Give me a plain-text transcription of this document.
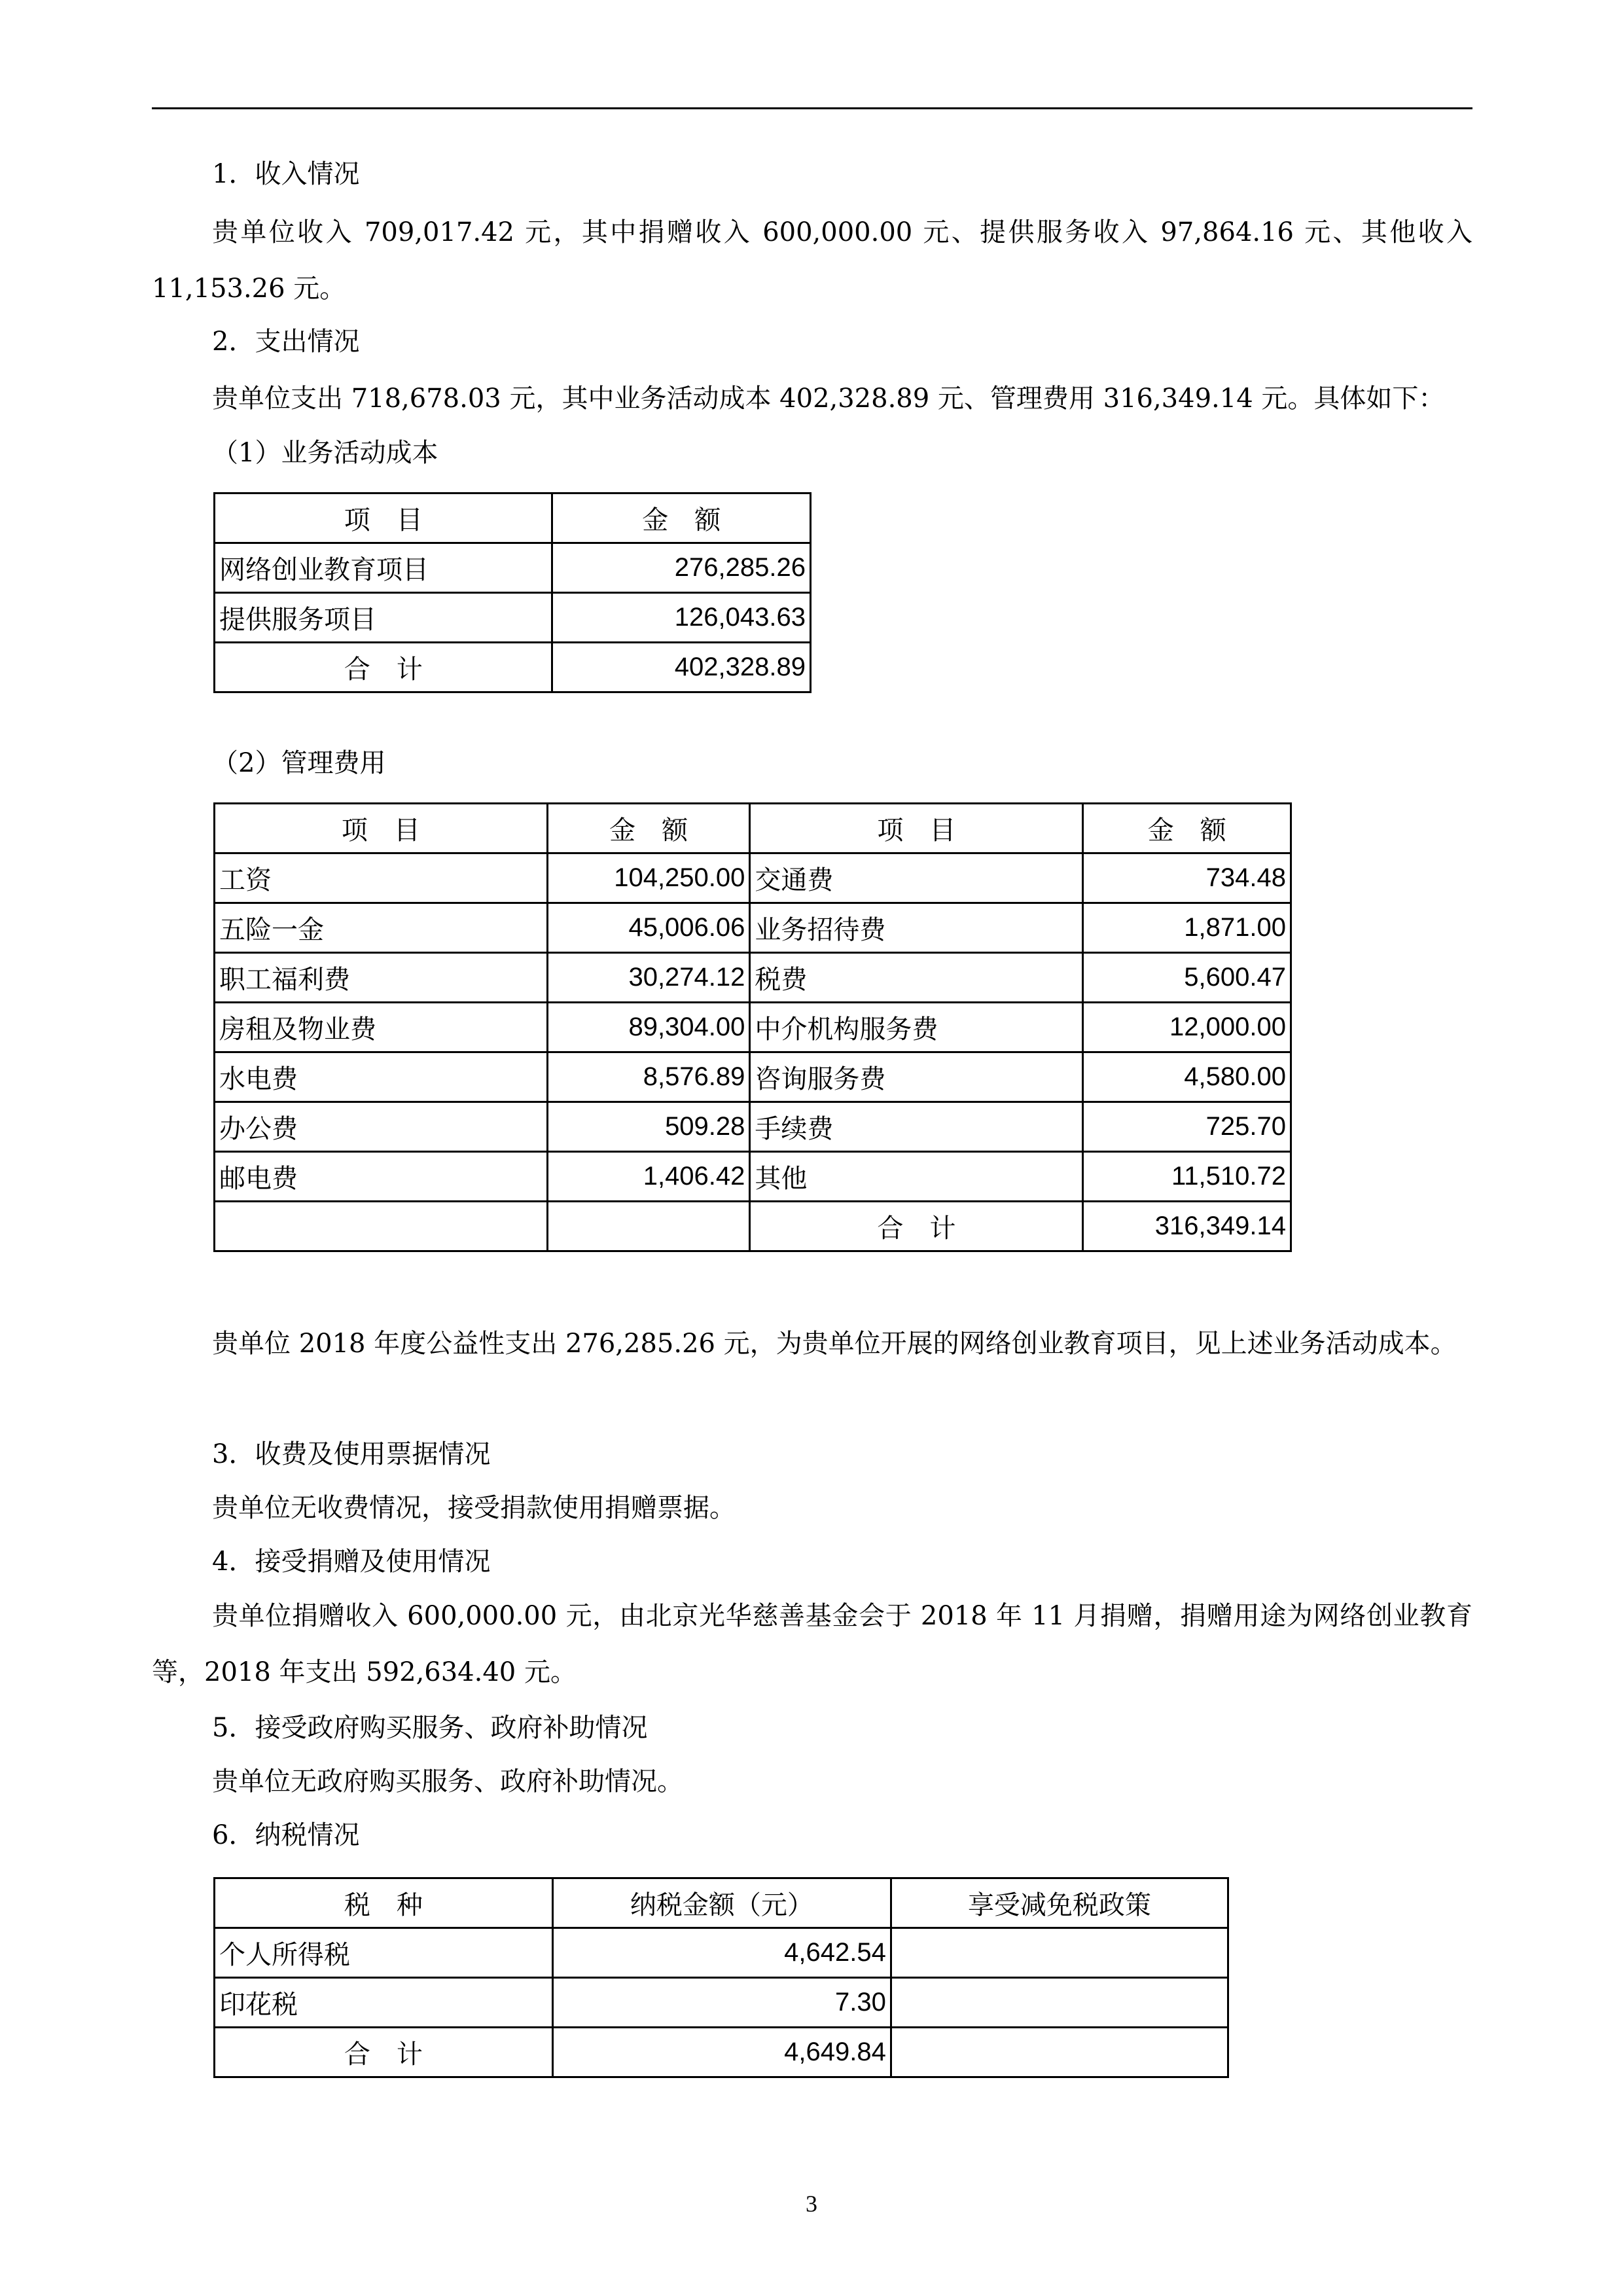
1．收入情况
贵单位收入 709,017.42 元，其中捐赠收入 600,000.00 元、提供服务收入 97,864.16 元、其他收入 11,153.26 元。
2．支出情况
贵单位支出 718,678.03 元，其中业务活动成本 402,328.89 元、管理费用 316,349.14 元。具体如下：
（1）业务活动成本
项　目	金　额
网络创业教育项目	276,285.26
提供服务项目	126,043.63
合　计	402,328.89
（2）管理费用
项　目	金　额	项　目	金　额
工资	104,250.00	交通费	734.48
五险一金	45,006.06	业务招待费	1,871.00
职工福利费	30,274.12	税费	5,600.47
房租及物业费	89,304.00	中介机构服务费	12,000.00
水电费	8,576.89	咨询服务费	4,580.00
办公费	509.28	手续费	725.70
邮电费	1,406.42	其他	11,510.72
		合　计	316,349.14
贵单位 2018 年度公益性支出 276,285.26 元，为贵单位开展的网络创业教育项目，见上述业务活动成本。
3．收费及使用票据情况
贵单位无收费情况，接受捐款使用捐赠票据。
4．接受捐赠及使用情况
贵单位捐赠收入 600,000.00 元，由北京光华慈善基金会于 2018 年 11 月捐赠，捐赠用途为网络创业教育等，2018 年支出 592,634.40 元。
5．接受政府购买服务、政府补助情况
贵单位无政府购买服务、政府补助情况。
6．纳税情况
税　种	纳税金额（元）	享受减免税政策
个人所得税	4,642.54	
印花税	7.30	
合　计	4,649.84	
3
